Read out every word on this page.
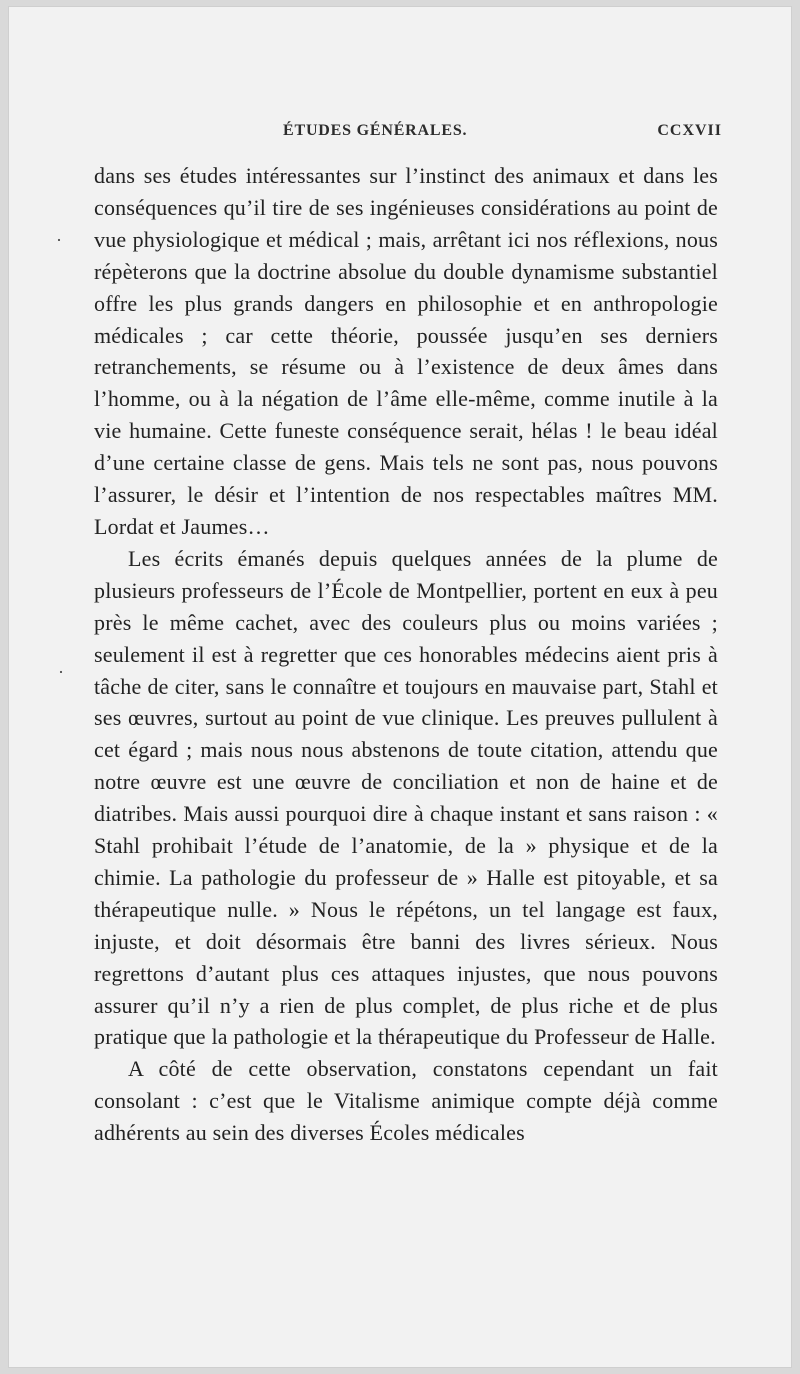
ÉTUDES GÉNÉRALES.	CCXVII
·
·

dans ses études intéressantes sur l’instinct des animaux et dans les conséquences qu’il tire de ses ingénieuses considérations au point de vue physiologique et médical ; mais, arrêtant ici nos réflexions, nous répèterons que la doctrine absolue du double dynamisme substantiel offre les plus grands dangers en philosophie et en anthropologie médicales ; car cette théorie, poussée jusqu’en ses derniers retranchements, se résume ou à l’existence de deux âmes dans l’homme, ou à la négation de l’âme elle-même, comme inutile à la vie humaine. Cette funeste conséquence serait, hélas ! le beau idéal d’une certaine classe de gens. Mais tels ne sont pas, nous pouvons l’assurer, le désir et l’intention de nos respectables maîtres MM. Lordat et Jaumes…

Les écrits émanés depuis quelques années de la plume de plusieurs professeurs de l’École de Montpellier, portent en eux à peu près le même cachet, avec des couleurs plus ou moins variées ; seulement il est à regretter que ces honorables médecins aient pris à tâche de citer, sans le connaître et toujours en mauvaise part, Stahl et ses œuvres, surtout au point de vue clinique. Les preuves pullulent à cet égard ; mais nous nous abstenons de toute citation, attendu que notre œuvre est une œuvre de conciliation et non de haine et de diatribes. Mais aussi pourquoi dire à chaque instant et sans raison : « Stahl prohibait l’étude de l’anatomie, de la » physique et de la chimie. La pathologie du professeur de » Halle est pitoyable, et sa thérapeutique nulle. » Nous le répétons, un tel langage est faux, injuste, et doit désormais être banni des livres sérieux. Nous regrettons d’autant plus ces attaques injustes, que nous pouvons assurer qu’il n’y a rien de plus complet, de plus riche et de plus pratique que la pathologie et la thérapeutique du Professeur de Halle.

A côté de cette observation, constatons cependant un fait consolant : c’est que le Vitalisme animique compte déjà comme adhérents au sein des diverses Écoles médicales
